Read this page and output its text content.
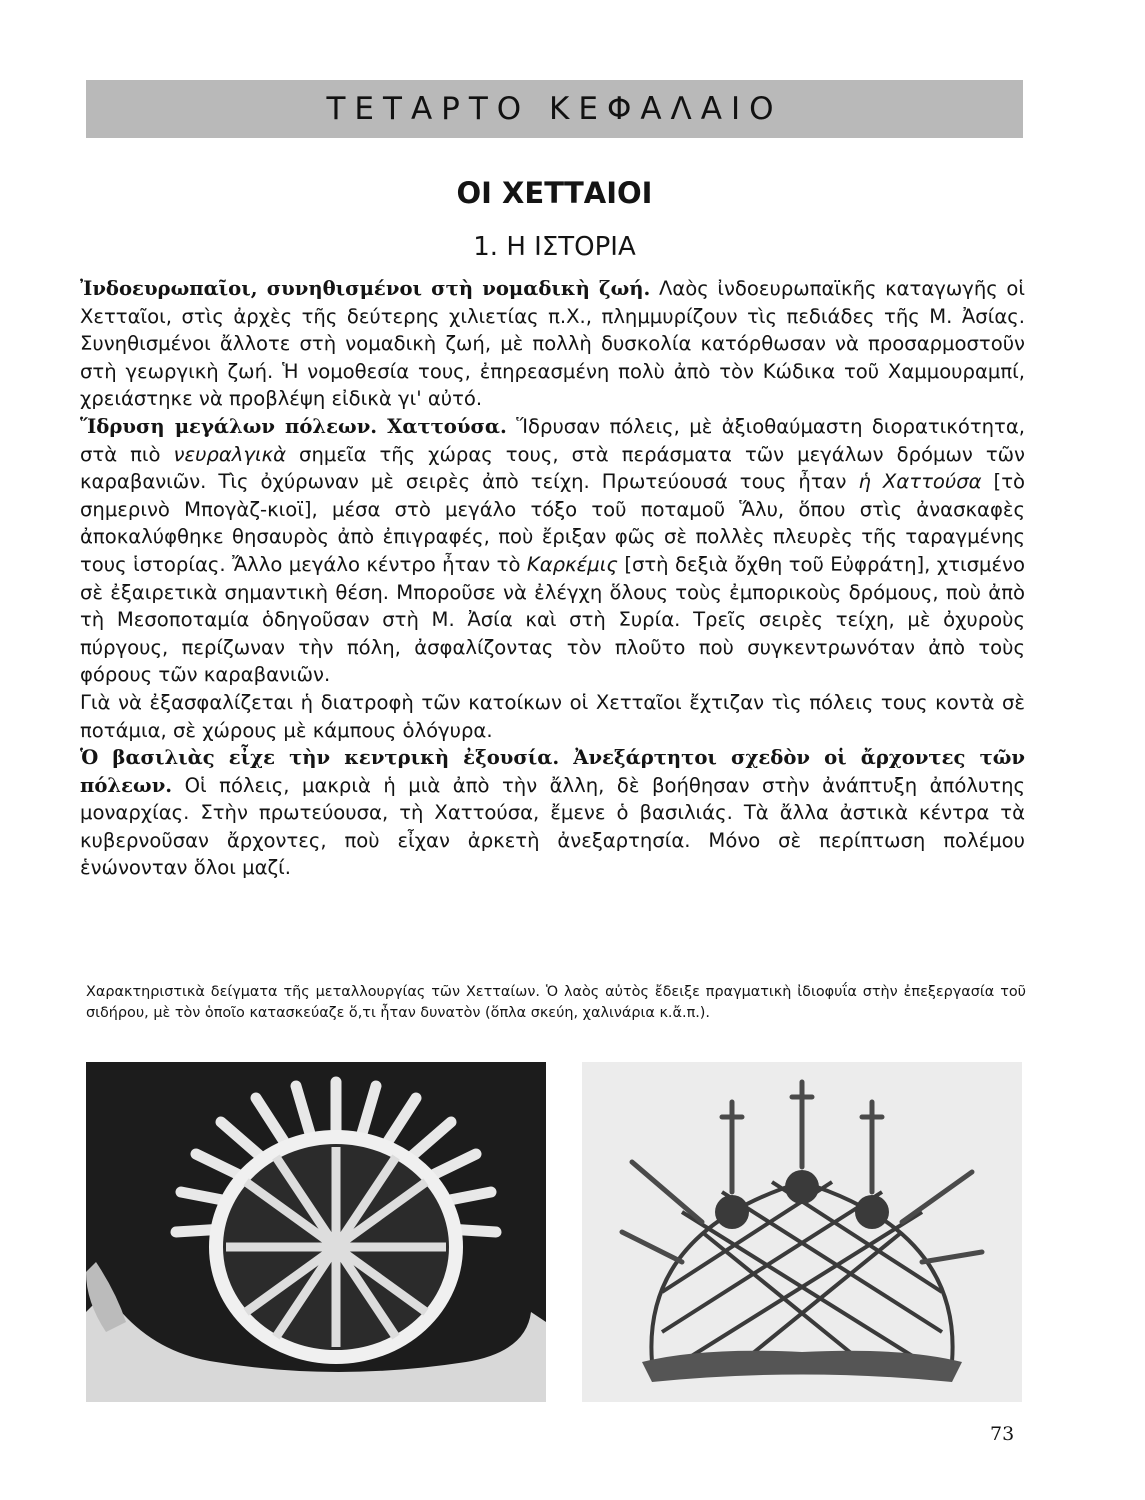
ΤΕΤΑΡΤΟ ΚΕΦΑΛΑΙΟ
ΟΙ ΧΕΤΤΑΙΟΙ
1. Η ΙΣΤΟΡΙΑ

Ἰνδοευρωπαῖοι, συνηθισμένοι στὴ νομαδικὴ ζωή. Λαὸς ἰνδοευρωπαϊκῆς καταγωγῆς οἱ Χετταῖοι, στὶς ἀρχὲς τῆς δεύτερης χιλιετίας π.Χ., πλημμυρίζουν τὶς πεδιάδες τῆς Μ. Ἀσίας. Συνηθισμένοι ἄλλοτε στὴ νομαδικὴ ζωή, μὲ πολλὴ δυσκολία κατόρθωσαν νὰ προσαρμοστοῦν στὴ γεωργικὴ ζωή. Ἡ νομοθεσία τους, ἐπηρεασμένη πολὺ ἀπὸ τὸν Κώδικα τοῦ Χαμμουραμπί, χρειάστηκε νὰ προβλέψη εἰδικὰ γι' αὐτό.

Ἵδρυση μεγάλων πόλεων. Χαττούσα. Ἵδρυσαν πόλεις, μὲ ἀξιοθαύμαστη διορατικότητα, στὰ πιὸ νευραλγικὰ σημεῖα τῆς χώρας τους, στὰ περάσματα τῶν μεγάλων δρόμων τῶν καραβανιῶν. Τὶς ὀχύρωναν μὲ σειρὲς ἀπὸ τείχη. Πρωτεύουσά τους ἦταν ἡ Χαττούσα [τὸ σημερινὸ Μπογὰζ-κιοϊ], μέσα στὸ μεγάλο τόξο τοῦ ποταμοῦ Ἅλυ, ὅπου στὶς ἀνασκαφὲς ἀποκαλύφθηκε θησαυρὸς ἀπὸ ἐπιγραφές, ποὺ ἔριξαν φῶς σὲ πολλὲς πλευρὲς τῆς ταραγμένης τους ἱστορίας. Ἄλλο μεγάλο κέντρο ἦταν τὸ Καρκέμις [στὴ δεξιὰ ὄχθη τοῦ Εὐφράτη], χτισμένο σὲ ἐξαιρετικὰ σημαντικὴ θέση. Μποροῦσε νὰ ἐλέγχη ὅλους τοὺς ἐμπορικοὺς δρόμους, ποὺ ἀπὸ τὴ Μεσοποταμία ὁδηγοῦσαν στὴ Μ. Ἀσία καὶ στὴ Συρία. Τρεῖς σειρὲς τείχη, μὲ ὀχυροὺς πύργους, περίζωναν τὴν πόλη, ἀσφαλίζοντας τὸν πλοῦτο ποὺ συγκεντρωνόταν ἀπὸ τοὺς φόρους τῶν καραβανιῶν.

Γιὰ νὰ ἐξασφαλίζεται ἡ διατροφὴ τῶν κατοίκων οἱ Χετταῖοι ἔχτιζαν τὶς πόλεις τους κοντὰ σὲ ποτάμια, σὲ χώρους μὲ κάμπους ὁλόγυρα.

Ὁ βασιλιὰς εἶχε τὴν κεντρικὴ ἐξουσία. Ἀνεξάρτητοι σχεδὸν οἱ ἄρχοντες τῶν πόλεων. Οἱ πόλεις, μακριὰ ἡ μιὰ ἀπὸ τὴν ἄλλη, δὲ βοήθησαν στὴν ἀνάπτυξη ἀπόλυτης μοναρχίας. Στὴν πρωτεύουσα, τὴ Χαττούσα, ἔμενε ὁ βασιλιάς. Τὰ ἄλλα ἀστικὰ κέντρα τὰ κυβερνοῦσαν ἄρχοντες, ποὺ εἶχαν ἀρκετὴ ἀνεξαρτησία. Μόνο σὲ περίπτωση πολέμου ἑνώνονταν ὅλοι μαζί.

Χαρακτηριστικὰ δείγματα τῆς μεταλλουργίας τῶν Χετταίων. Ὁ λαὸς αὐτὸς ἔδειξε πραγματικὴ ἰδιοφυΐα στὴν ἐπεξεργασία τοῦ σιδήρου, μὲ τὸν ὁποῖο κατασκεύαζε ὅ,τι ἦταν δυνατὸν (ὅπλα σκεύη, χαλινάρια κ.ἄ.π.).

73
